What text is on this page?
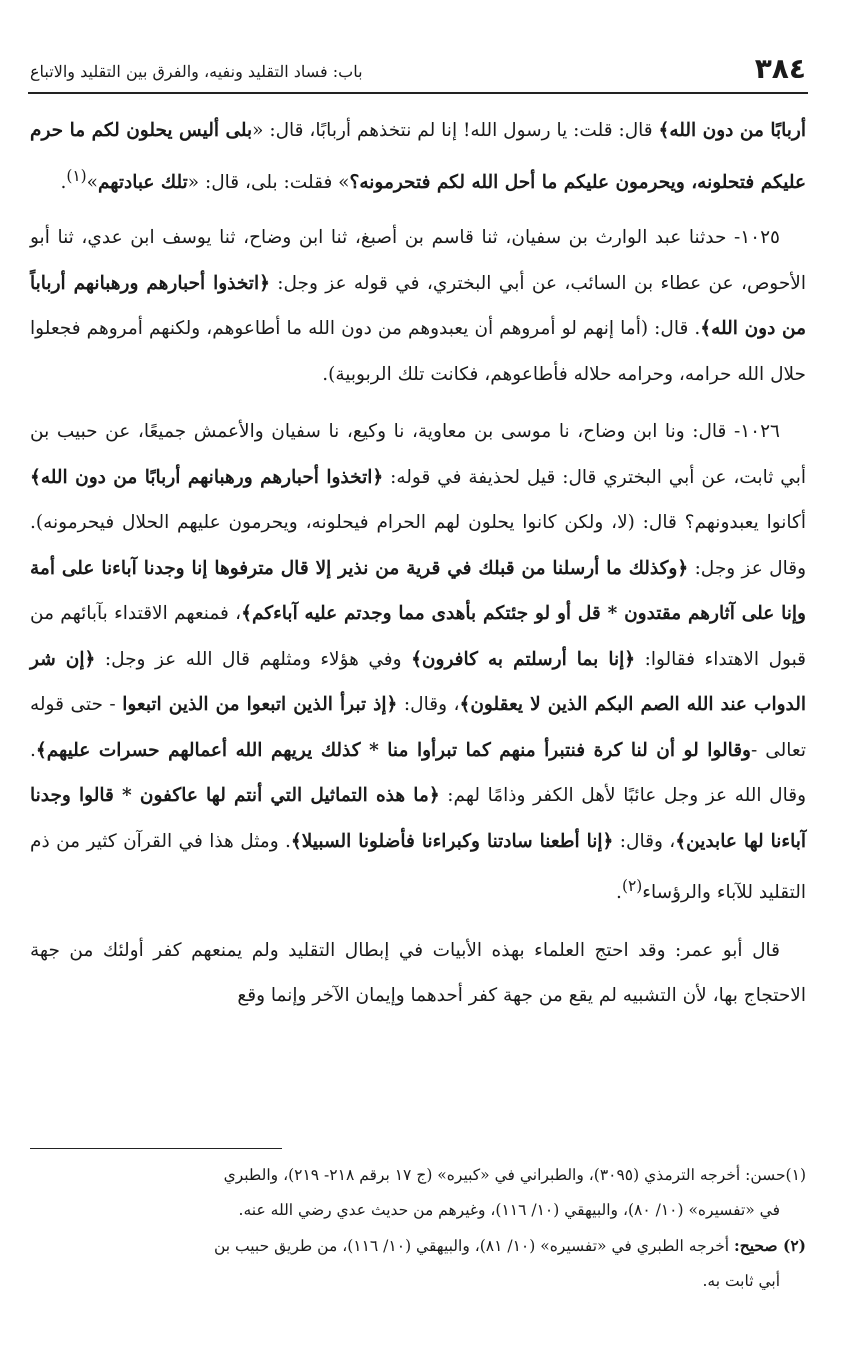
٣٨٤
باب: فساد التقليد ونفيه، والفرق بين التقليد والاتباع

أربابًا من دون الله﴾ قال: قلت: يا رسول الله! إنا لم نتخذهم أربابًا، قال: «بلى أليس يحلون لكم ما حرم عليكم فتحلونه، ويحرمون عليكم ما أحل الله لكم فتحرمونه؟» فقلت: بلى، قال: «تلك عبادتهم»$^{(١)}$.

١٠٢٥- حدثنا عبد الوارث بن سفيان، ثنا قاسم بن أصبغ، ثنا ابن وضاح، ثنا يوسف ابن عدي، ثنا أبو الأحوص، عن عطاء بن السائب، عن أبي البختري، في قوله عز وجل: ﴿اتخذوا أحبارهم ورهبانهم أرباباً من دون الله﴾. قال: (أما إنهم لو أمروهم أن يعبدوهم من دون الله ما أطاعوهم، ولكنهم أمروهم فجعلوا حلال الله حرامه، وحرامه حلاله فأطاعوهم، فكانت تلك الربوبية).

١٠٢٦- قال: ونا ابن وضاح، نا موسى بن معاوية، نا وكيع، نا سفيان والأعمش جميعًا، عن حبيب بن أبي ثابت، عن أبي البختري قال: قيل لحذيفة في قوله: ﴿اتخذوا أحبارهم ورهبانهم أربابًا من دون الله﴾ أكانوا يعبدونهم؟ قال: (لا، ولكن كانوا يحلون لهم الحرام فيحلونه، ويحرمون عليهم الحلال فيحرمونه). وقال عز وجل: ﴿وكذلك ما أرسلنا من قبلك في قرية من نذير إلا قال مترفوها إنا وجدنا آباءنا على أمة وإنا على آثارهم مقتدون * قل أو لو جئتكم بأهدى مما وجدتم عليه آباءكم﴾، فمنعهم الاقتداء بآبائهم من قبول الاهتداء فقالوا: ﴿إنا بما أرسلتم به كافرون﴾ وفي هؤلاء ومثلهم قال الله عز وجل: ﴿إن شر الدواب عند الله الصم البكم الذين لا يعقلون﴾، وقال: ﴿إذ تبرأ الذين اتبعوا من الذين اتبعوا - حتى قوله تعالى -وقالوا لو أن لنا كرة فنتبرأ منهم كما تبرأوا منا * كذلك يريهم الله أعمالهم حسرات عليهم﴾. وقال الله عز وجل عائبًا لأهل الكفر وذامًا لهم: ﴿ما هذه التماثيل التي أنتم لها عاكفون * قالوا وجدنا آباءنا لها عابدين﴾، وقال: ﴿إنا أطعنا سادتنا وكبراءنا فأضلونا السبيلا﴾. ومثل هذا في القرآن كثير من ذم التقليد للآباء والرؤساء$^{(٢)}$.

قال أبو عمر: وقد احتج العلماء بهذه الأبيات في إبطال التقليد ولم يمنعهم كفر أولئك من جهة الاحتجاج بها، لأن التشبيه لم يقع من جهة كفر أحدهما وإيمان الآخر وإنما وقع

(١)حسن: أخرجه الترمذي (٣٠٩٥)، والطبراني في «كبيره» (ج ١٧ برقم ٢١٨- ٢١٩)، والطبري

في «تفسيره» (١٠/ ٨٠)، والبيهقي (١٠/ ١١٦)، وغيرهم من حديث عدي رضي الله عنه.

(٢) صحيح: أخرجه الطبري في «تفسيره» (١٠/ ٨١)، والبيهقي (١٠/ ١١٦)، من طريق حبيب بن

أبي ثابت به.
